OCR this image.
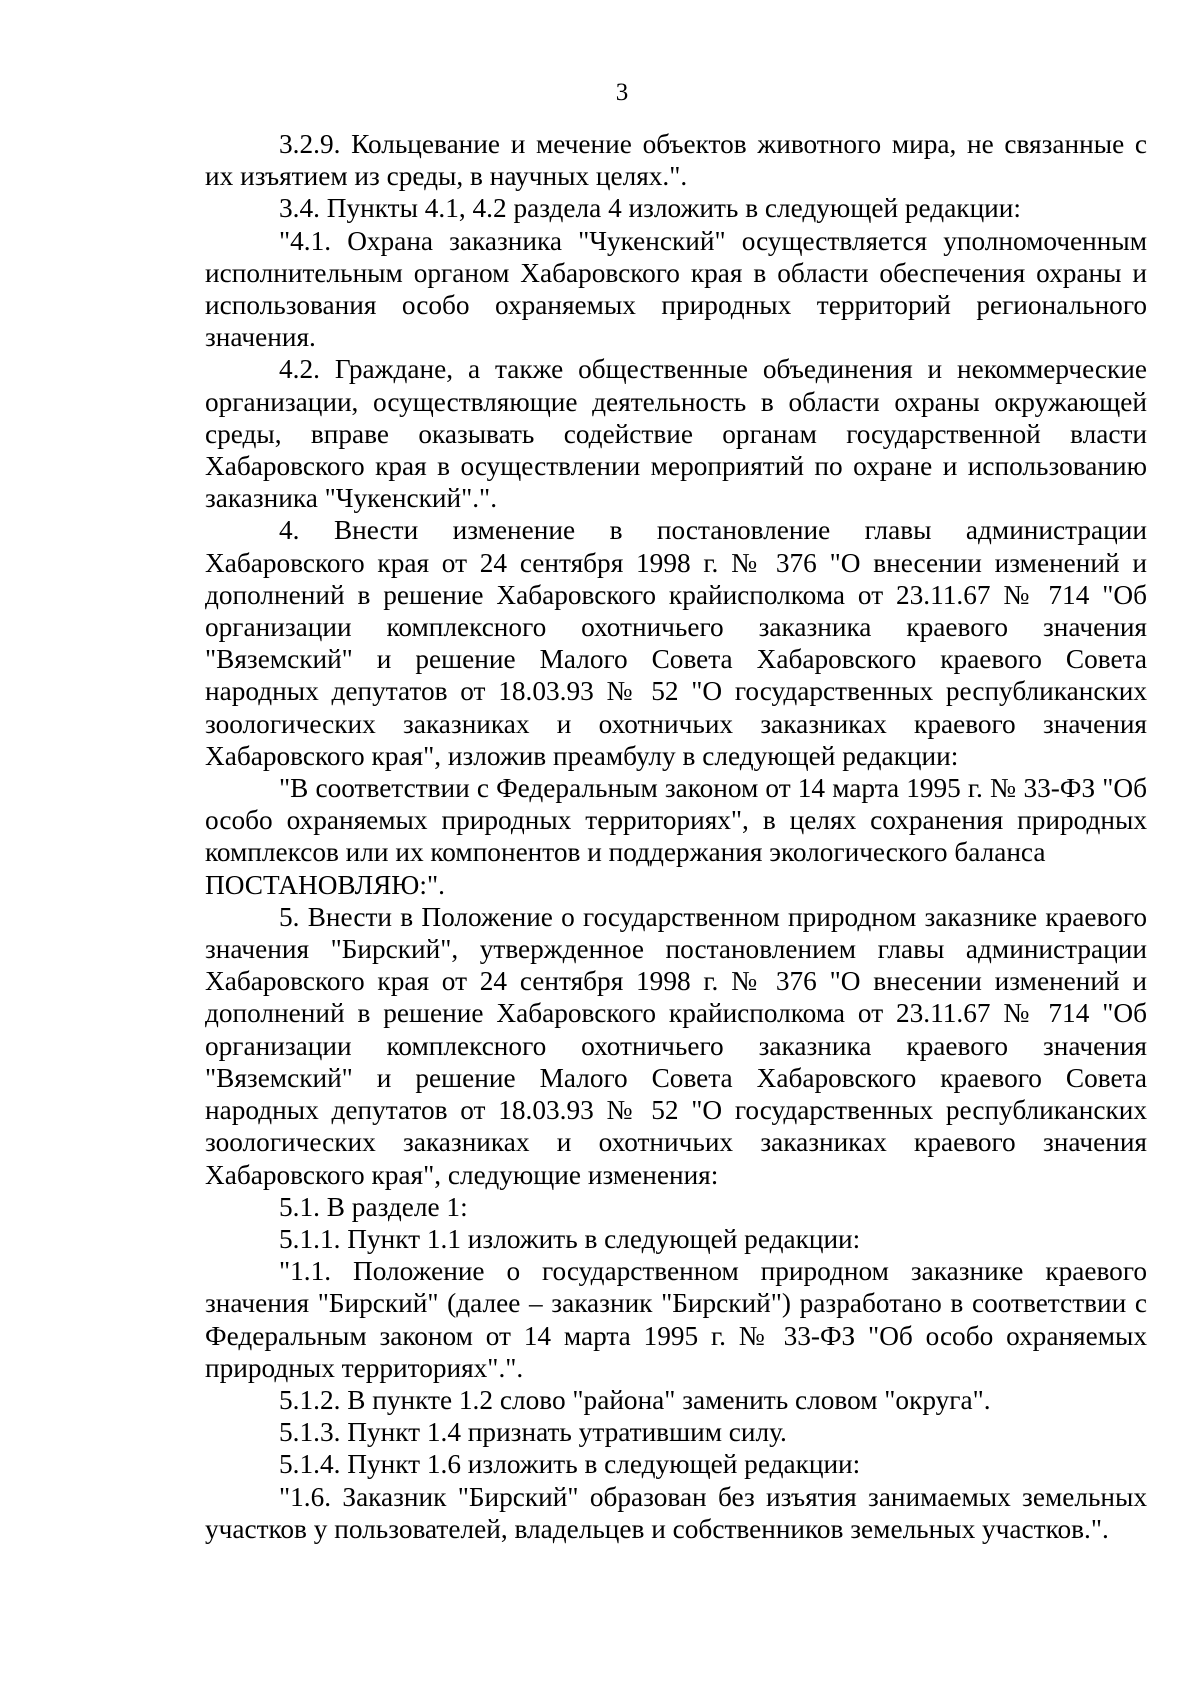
3

3.2.9. Кольцевание и мечение объектов животного мира, не связанные с их изъятием из среды, в научных целях.".

3.4. Пункты 4.1, 4.2 раздела 4 изложить в следующей редакции:

"4.1. Охрана заказника "Чукенский" осуществляется уполномоченным исполнительным органом Хабаровского края в области обеспечения охраны и использования особо охраняемых природных территорий регионального значения.

4.2. Граждане, а также общественные объединения и некоммерческие организации, осуществляющие деятельность в области охраны окружающей среды, вправе оказывать содействие органам государственной власти Хабаровского края в осуществлении мероприятий по охране и использованию заказника "Чукенский".".

4. Внести изменение в постановление главы администрации Хабаровского края от 24 сентября 1998 г. № 376 "О внесении изменений и дополнений в решение Хабаровского крайисполкома от 23.11.67 № 714 "Об организации комплексного охотничьего заказника краевого значения "Вяземский" и решение Малого Совета Хабаровского краевого Совета народных депутатов от 18.03.93 № 52 "О государственных республиканских зоологических заказниках и охотничьих заказниках краевого значения Хабаровского края", изложив преамбулу в следующей редакции:

"В соответствии с Федеральным законом от 14 марта 1995 г. № 33-ФЗ "Об особо охраняемых природных территориях", в целях сохранения природных комплексов или их компонентов и поддержания экологического баланса

ПОСТАНОВЛЯЮ:".

5. Внести в Положение о государственном природном заказнике краевого значения "Бирский", утвержденное постановлением главы администрации Хабаровского края от 24 сентября 1998 г. № 376 "О внесении изменений и дополнений в решение Хабаровского крайисполкома от 23.11.67 № 714 "Об организации комплексного охотничьего заказника краевого значения "Вяземский" и решение Малого Совета Хабаровского краевого Совета народных депутатов от 18.03.93 № 52 "О государственных республиканских зоологических заказниках и охотничьих заказниках краевого значения Хабаровского края", следующие изменения:

5.1. В разделе 1:

5.1.1. Пункт 1.1 изложить в следующей редакции:

"1.1. Положение о государственном природном заказнике краевого значения "Бирский" (далее – заказник "Бирский") разработано в соответствии с Федеральным законом от 14 марта 1995 г. № 33-ФЗ "Об особо охраняемых природных территориях".".

5.1.2. В пункте 1.2 слово "района" заменить словом "округа".

5.1.3. Пункт 1.4 признать утратившим силу.

5.1.4. Пункт 1.6 изложить в следующей редакции:

"1.6. Заказник "Бирский" образован без изъятия занимаемых земельных участков у пользователей, владельцев и собственников земельных участков.".
